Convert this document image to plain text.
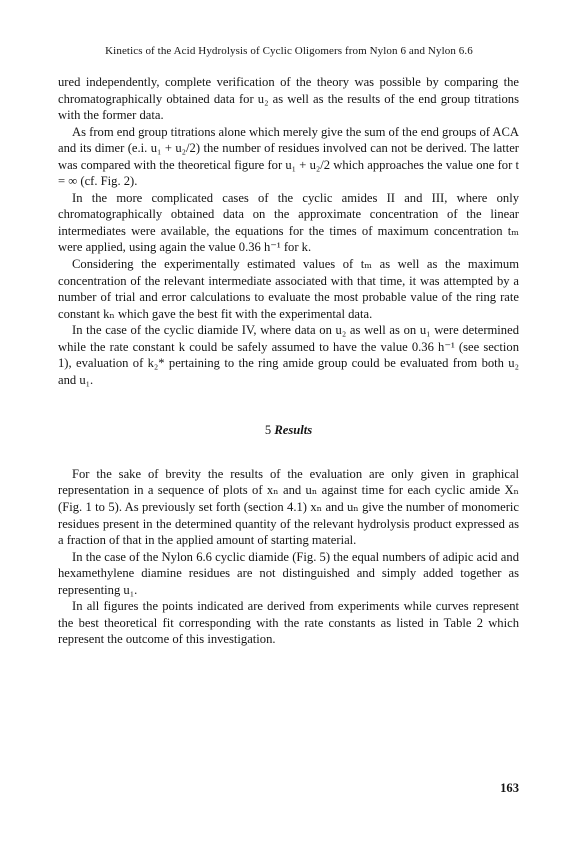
Kinetics of the Acid Hydrolysis of Cyclic Oligomers from Nylon 6 and Nylon 6.6

ured independently, complete verification of the theory was possible by comparing the chromatographically obtained data for u₂ as well as the results of the end group titrations with the former data.

As from end group titrations alone which merely give the sum of the end groups of ACA and its dimer (e.i. u₁ + u₂/2) the number of residues involved can not be derived. The latter was compared with the theoretical figure for u₁ + u₂/2 which approaches the value one for t = ∞ (cf. Fig. 2).

In the more complicated cases of the cyclic amides II and III, where only chromatographically obtained data on the approximate concentration of the linear intermediates were available, the equations for the times of maximum concentration tₘ were applied, using again the value 0.36 h⁻¹ for k.

Considering the experimentally estimated values of tₘ as well as the maximum concentration of the relevant intermediate associated with that time, it was attempted by a number of trial and error calculations to evaluate the most probable value of the ring rate constant kₙ which gave the best fit with the experimental data.

In the case of the cyclic diamide IV, where data on u₂ as well as on u₁ were determined while the rate constant k could be safely assumed to have the value 0.36 h⁻¹ (see section 1), evaluation of k₂* pertaining to the ring amide group could be evaluated from both u₂ and u₁.

5 Results

For the sake of brevity the results of the evaluation are only given in graphical representation in a sequence of plots of xₙ and uₙ against time for each cyclic amide Xₙ (Fig. 1 to 5). As previously set forth (section 4.1) xₙ and uₙ give the number of monomeric residues present in the determined quantity of the relevant hydrolysis product expressed as a fraction of that in the applied amount of starting material.

In the case of the Nylon 6.6 cyclic diamide (Fig. 5) the equal numbers of adipic acid and hexamethylene diamine residues are not distinguished and simply added together as representing u₁.

In all figures the points indicated are derived from experiments while curves represent the best theoretical fit corresponding with the rate constants as listed in Table 2 which represent the outcome of this investigation.

163
